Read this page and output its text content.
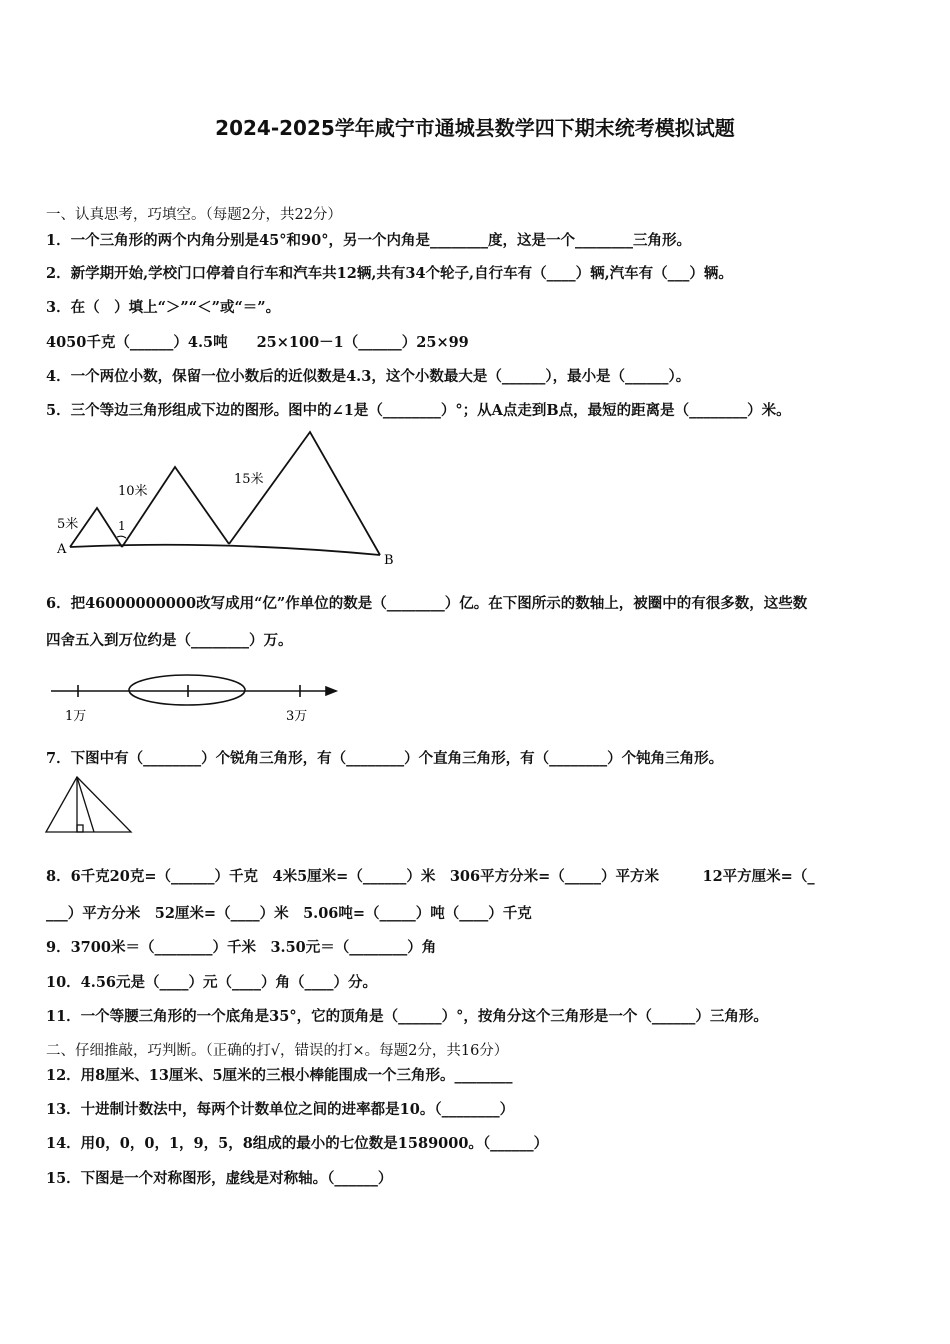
2024-2025学年咸宁市通城县数学四下期末统考模拟试题
一、认真思考，巧填空。（每题2分，共22分）
1．一个三角形的两个内角分别是45°和90°，另一个内角是________度，这是一个________三角形。
2．新学期开始,学校门口停着自行车和汽车共12辆,共有34个轮子,自行车有（____）辆,汽车有（___）辆。
3．在（　）填上“＞”“＜”或“＝”。
4050千克（______）4.5吨　　25×100－1（______）25×99
4．一个两位小数，保留一位小数后的近似数是4.3，这个小数最大是（______），最小是（______）。
5．三个等边三角形组成下边的图形。图中的∠1是（________）°；从A点走到B点，最短的距离是（________）米。
5米
10米
15米
1
A
B
6．把46000000000改写成用“亿”作单位的数是（________）亿。在下图所示的数轴上，被圈中的有很多数，这些数
四舍五入到万位约是（________）万。
1万	3万
7．下图中有（________）个锐角三角形，有（________）个直角三角形，有（________）个钝角三角形。
8．6千克20克=（______）千克　4米5厘米=（______）米　306平方分米=（_____）平方米　　　12平方厘米=（_
___）平方分米　52厘米=（____）米　5.06吨=（_____）吨（____）千克
9．3700米＝（________）千米　3.50元＝（________）角
10．4.56元是（____）元（____）角（____）分。
11．一个等腰三角形的一个底角是35°，它的顶角是（______）°，按角分这个三角形是一个（______）三角形。
二、仔细推敲，巧判断。（正确的打√，错误的打×。每题2分，共16分）
12．用8厘米、13厘米、5厘米的三根小棒能围成一个三角形。________
13．十进制计数法中，每两个计数单位之间的进率都是10。（________）
14．用0，0，0，1，9，5，8组成的最小的七位数是1589000。（______）
15．下图是一个对称图形，虚线是对称轴。（______）
